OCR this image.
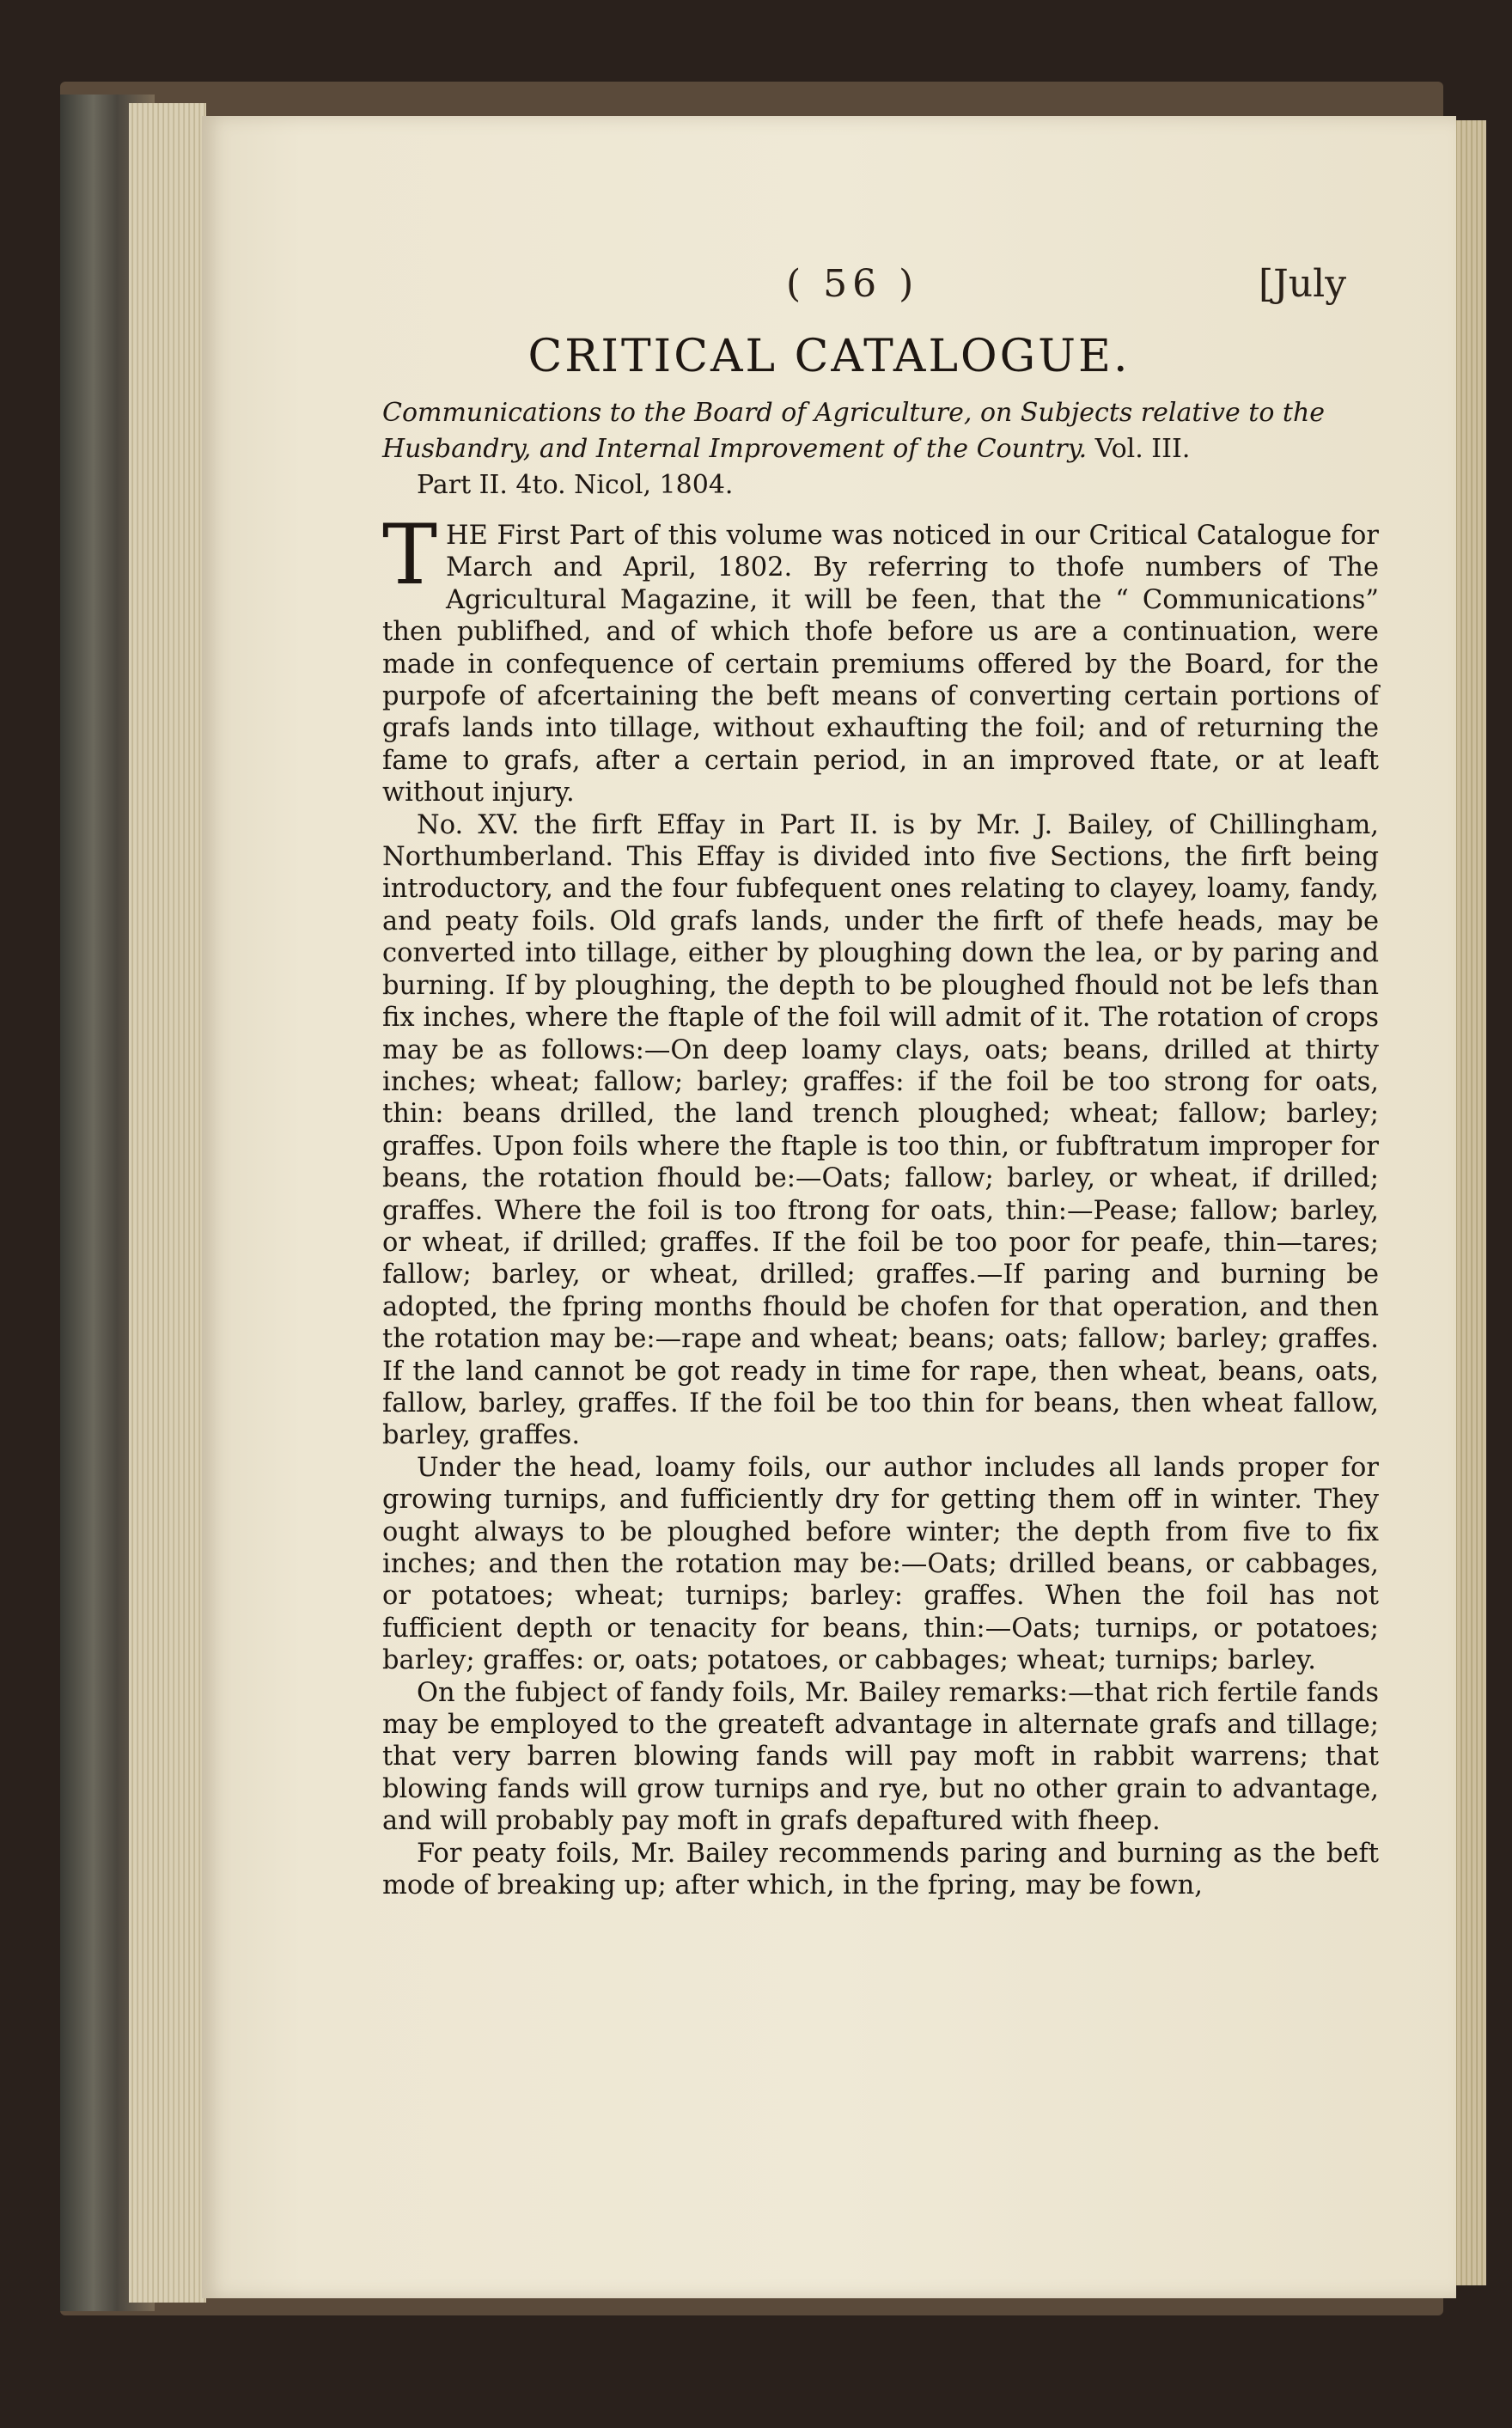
( 56 )	[July
CRITICAL CATALOGUE.
Communications to the Board of Agriculture, on Subjects relative to the Husbandry, and Internal Improvement of the Country. Vol. III.
Part II. 4to. Nicol, 1804.

T HE First Part of this volume was noticed in our Critical Catalogue for March and April, 1802. By referring to thofe numbers of The Agricultural Magazine, it will be feen, that the “ Communications” then publifhed, and of which thofe before us are a continuation, were made in confequence of certain premiums offered by the Board, for the purpofe of afcertaining the beft means of converting certain portions of grafs lands into tillage, without exhaufting the foil; and of returning the fame to grafs, after a certain period, in an improved ftate, or at leaft without injury.

No. XV. the firft Effay in Part II. is by Mr. J. Bailey, of Chillingham, Northumberland. This Effay is divided into five Sections, the firft being introductory, and the four fubfequent ones relating to clayey, loamy, fandy, and peaty foils. Old grafs lands, under the firft of thefe heads, may be converted into tillage, either by ploughing down the lea, or by paring and burning. If by ploughing, the depth to be ploughed fhould not be lefs than fix inches, where the ftaple of the foil will admit of it. The rotation of crops may be as follows:—On deep loamy clays, oats; beans, drilled at thirty inches; wheat; fallow; barley; graffes: if the foil be too strong for oats, thin: beans drilled, the land trench ploughed; wheat; fallow; barley; graffes. Upon foils where the ftaple is too thin, or fubftratum improper for beans, the rotation fhould be:—Oats; fallow; barley, or wheat, if drilled; graffes. Where the foil is too ftrong for oats, thin:—Pease; fallow; barley, or wheat, if drilled; graffes. If the foil be too poor for peafe, thin—tares; fallow; barley, or wheat, drilled; graffes.—If paring and burning be adopted, the fpring months fhould be chofen for that operation, and then the rotation may be:—rape and wheat; beans; oats; fallow; barley; graffes. If the land cannot be got ready in time for rape, then wheat, beans, oats, fallow, barley, graffes. If the foil be too thin for beans, then wheat fallow, barley, graffes.

Under the head, loamy foils, our author includes all lands proper for growing turnips, and fufficiently dry for getting them off in winter. They ought always to be ploughed before winter; the depth from five to fix inches; and then the rotation may be:—Oats; drilled beans, or cabbages, or potatoes; wheat; turnips; barley: graffes. When the foil has not fufficient depth or tenacity for beans, thin:—Oats; turnips, or potatoes; barley; graffes: or, oats; potatoes, or cabbages; wheat; turnips; barley.

On the fubject of fandy foils, Mr. Bailey remarks:—that rich fertile fands may be employed to the greateft advantage in alternate grafs and tillage; that very barren blowing fands will pay moft in rabbit warrens; that blowing fands will grow turnips and rye, but no other grain to advantage, and will probably pay moft in grafs depaftured with fheep.

For peaty foils, Mr. Bailey recommends paring and burning as the beft mode of breaking up; after which, in the fpring, may be fown,
